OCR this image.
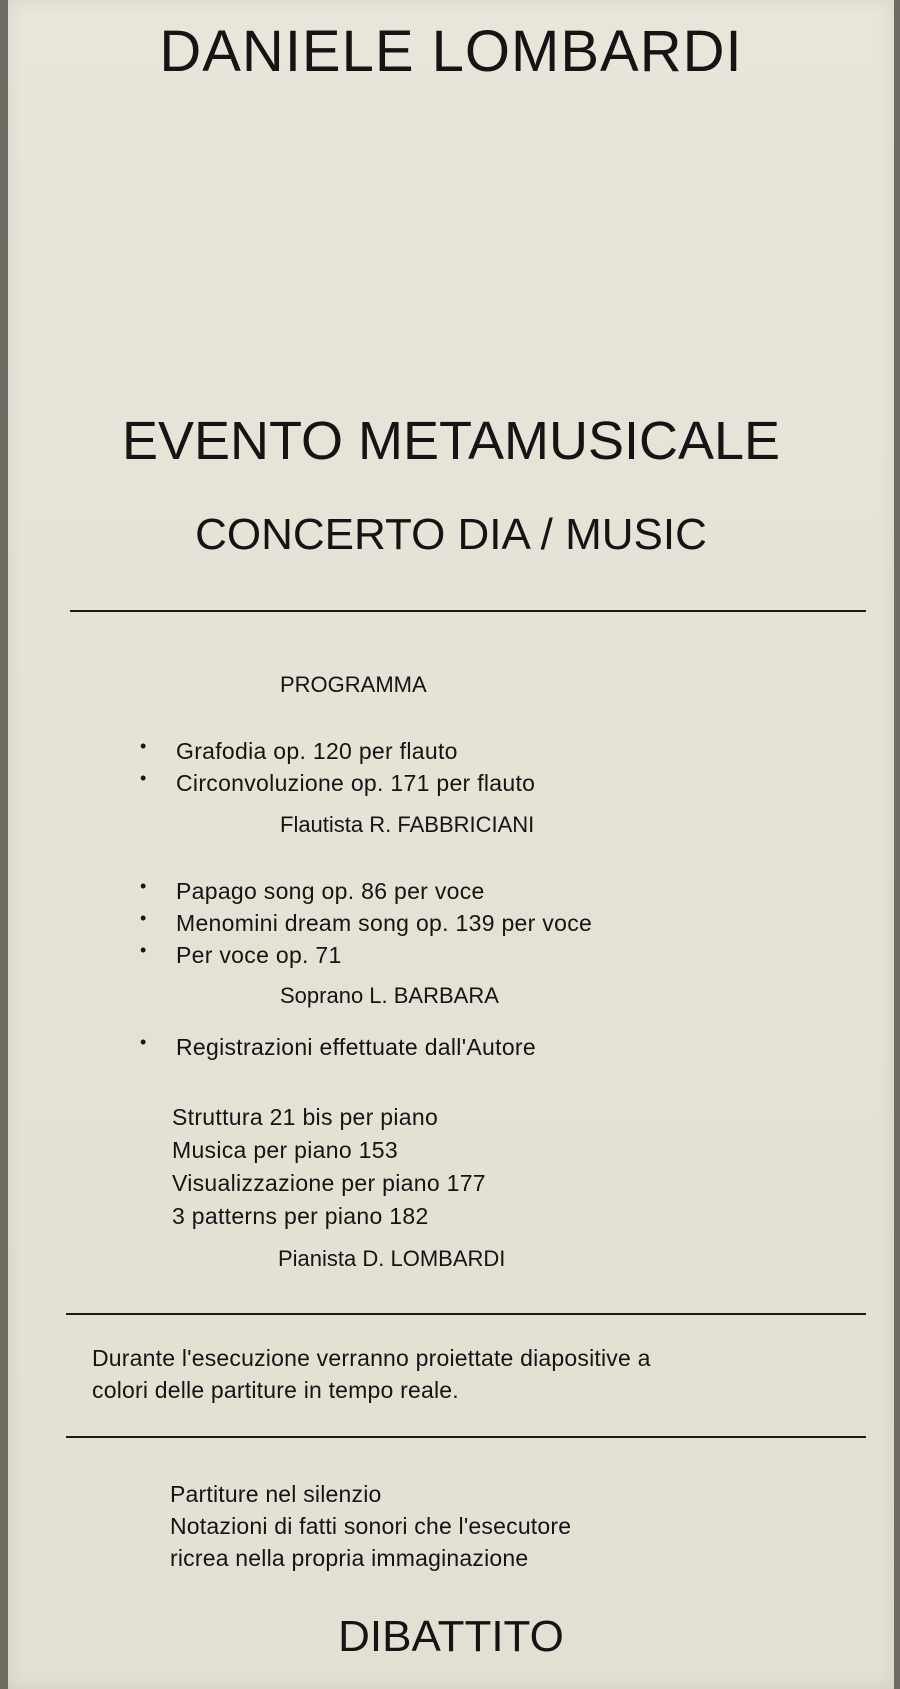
DANIELE LOMBARDI
EVENTO METAMUSICALE
CONCERTO DIA / MUSIC
PROGRAMMA
• Grafodia op. 120 per flauto
• Circonvoluzione op. 171 per flauto
Flautista R. FABBRICIANI
• Papago song op. 86 per voce
• Menomini dream song op. 139 per voce
• Per voce op. 71
Soprano L. BARBARA
• Registrazioni effettuate dall'Autore
Struttura 21 bis per piano
Musica per piano 153
Visualizzazione per piano 177
3 patterns per piano 182
Pianista D. LOMBARDI
Durante l'esecuzione verranno proiettate diapositive a
colori delle partiture in tempo reale.
Partiture nel silenzio
Notazioni di fatti sonori che l'esecutore
ricrea nella propria immaginazione
DIBATTITO
